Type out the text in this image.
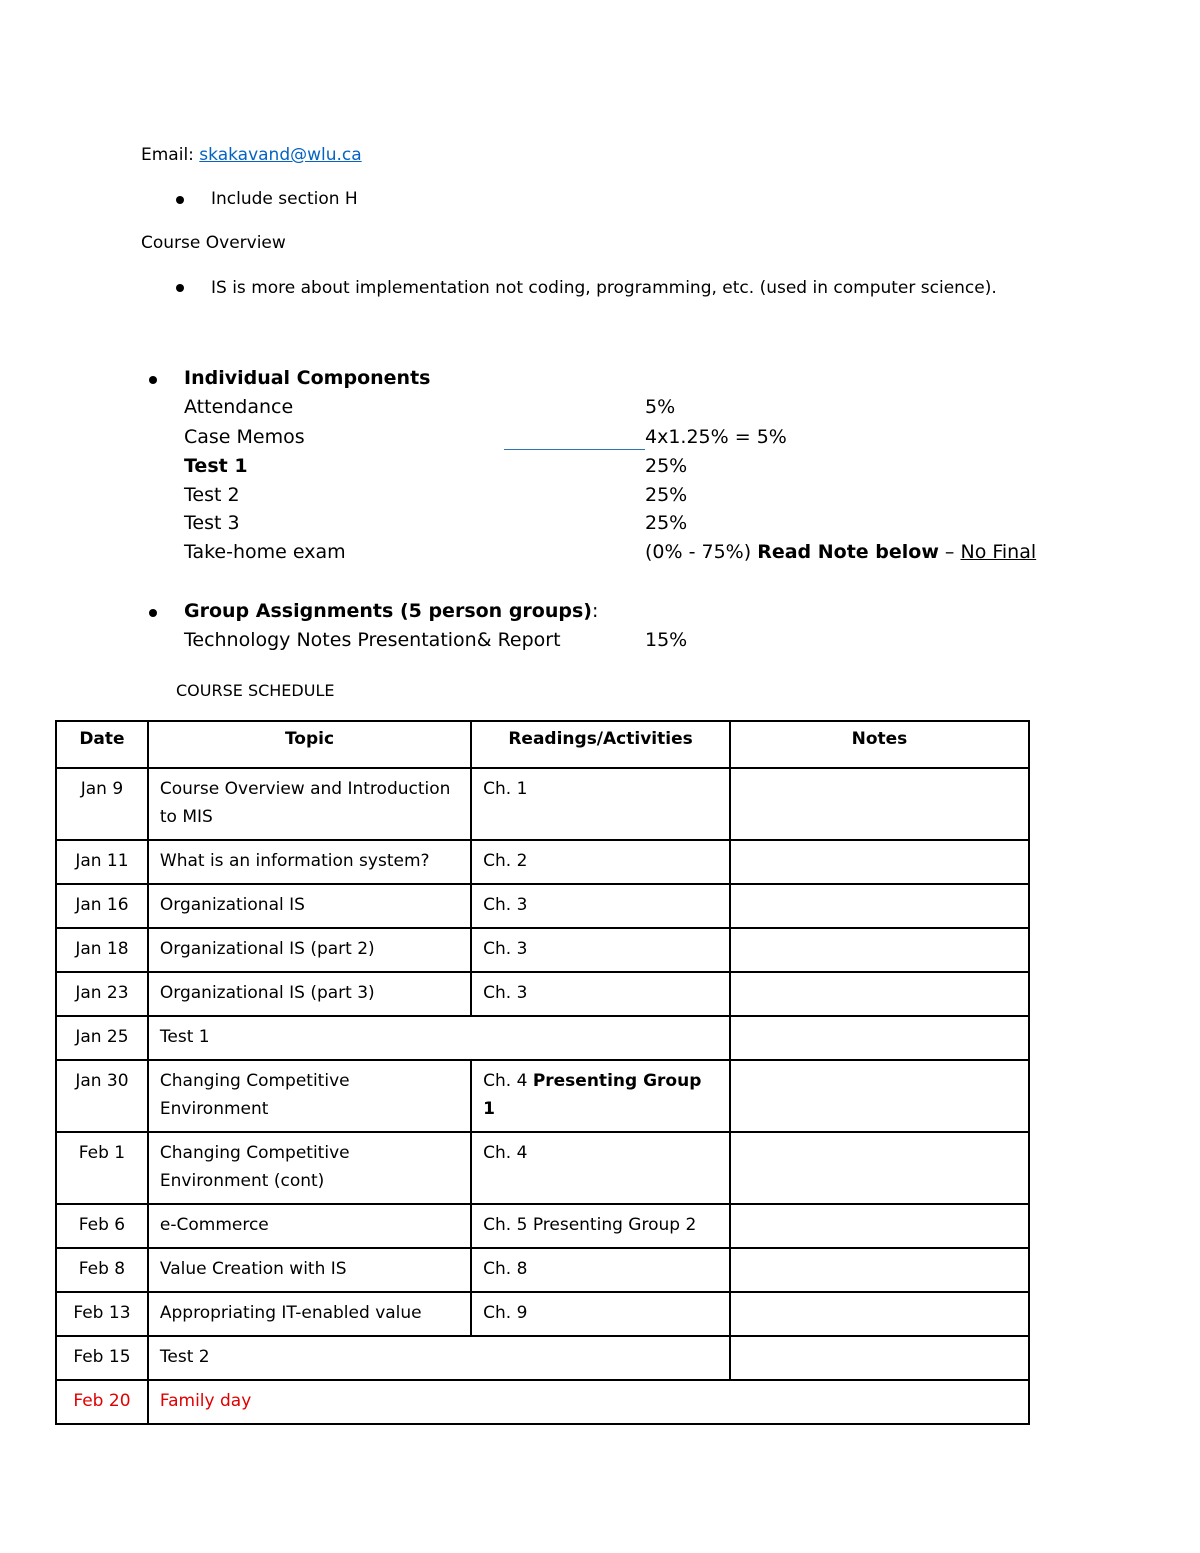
Email: skakavand@wlu.ca
Include section H
Course Overview
IS is more about implementation not coding, programming, etc. (used in computer science).
Individual Components
Attendance	5%
Case Memos	4x1.25% = 5%
Test 1	25%
Test 2	25%
Test 3	25%
Take-home exam	(0% - 75%) Read Note below – No Final
Group Assignments (5 person groups):
Technology Notes Presentation& Report	15%
COURSE SCHEDULE
Date	Topic	Readings/Activities	Notes
Jan 9	Course Overview and Introduction to MIS	Ch. 1	
Jan 11	What is an information system?	Ch. 2	
Jan 16	Organizational IS	Ch. 3	
Jan 18	Organizational IS (part 2)	Ch. 3	
Jan 23	Organizational IS (part 3)	Ch. 3	
Jan 25	Test 1		
Jan 30	Changing Competitive Environment	Ch. 4 Presenting Group 1	
Feb 1	Changing Competitive Environment (cont)	Ch. 4	
Feb 6	e-Commerce	Ch. 5 Presenting Group 2	
Feb 8	Value Creation with IS	Ch. 8	
Feb 13	Appropriating IT-enabled value	Ch. 9	
Feb 15	Test 2		
Feb 20	Family day		
